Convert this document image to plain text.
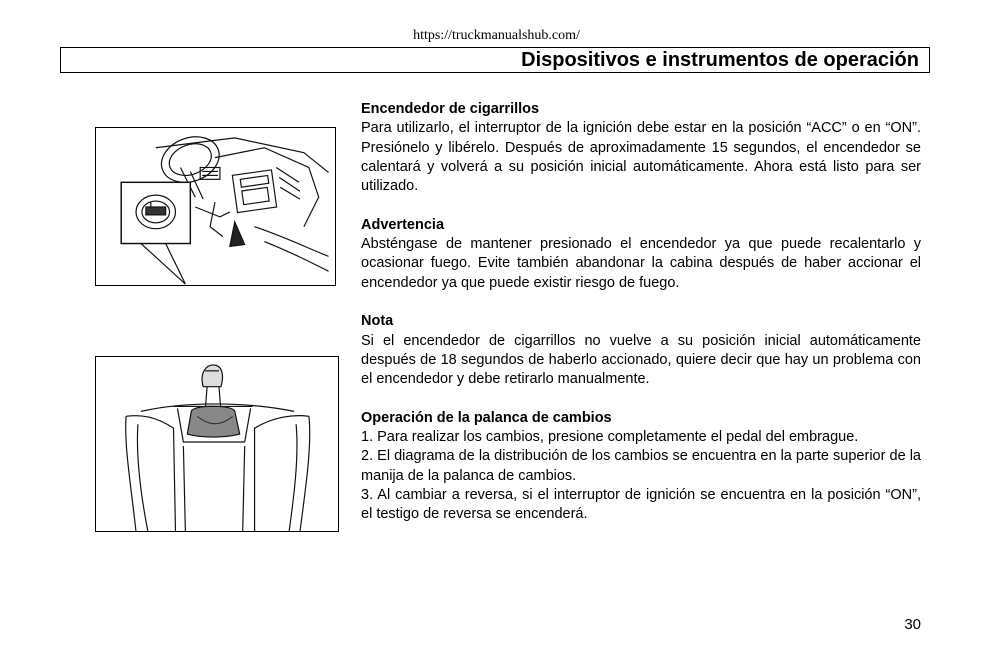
https://truckmanualshub.com/
Dispositivos e instrumentos de operación
Encendedor de cigarrillos

Para utilizarlo, el interruptor de la ignición debe estar en la posición “ACC” o en “ON”. Presiónelo y libérelo. Después de aproximadamente 15 segundos, el encendedor se calentará y volverá a su posición inicial automáticamente. Ahora está listo para ser utilizado.

Advertencia

Absténgase de mantener presionado el encendedor ya que puede recalentarlo y ocasionar fuego. Evite también abandonar la cabina después de haber accionar el encendedor ya que puede existir riesgo de fuego.

Nota

Si el encendedor de cigarrillos no vuelve a su posición inicial automáticamente después de 18 segundos de haberlo accionado, quiere decir que hay un problema con el encendedor y debe retirarlo manualmente.

Operación de la palanca de cambios

1. Para realizar los cambios, presione completamente el pedal del embrague.

2. El diagrama de la distribución de los cambios se encuentra en la parte superior de la manija de la palanca de cambios.

3. Al cambiar a reversa, si el interruptor de ignición se encuentra en la posición “ON”, el testigo de reversa se encenderá.

30
